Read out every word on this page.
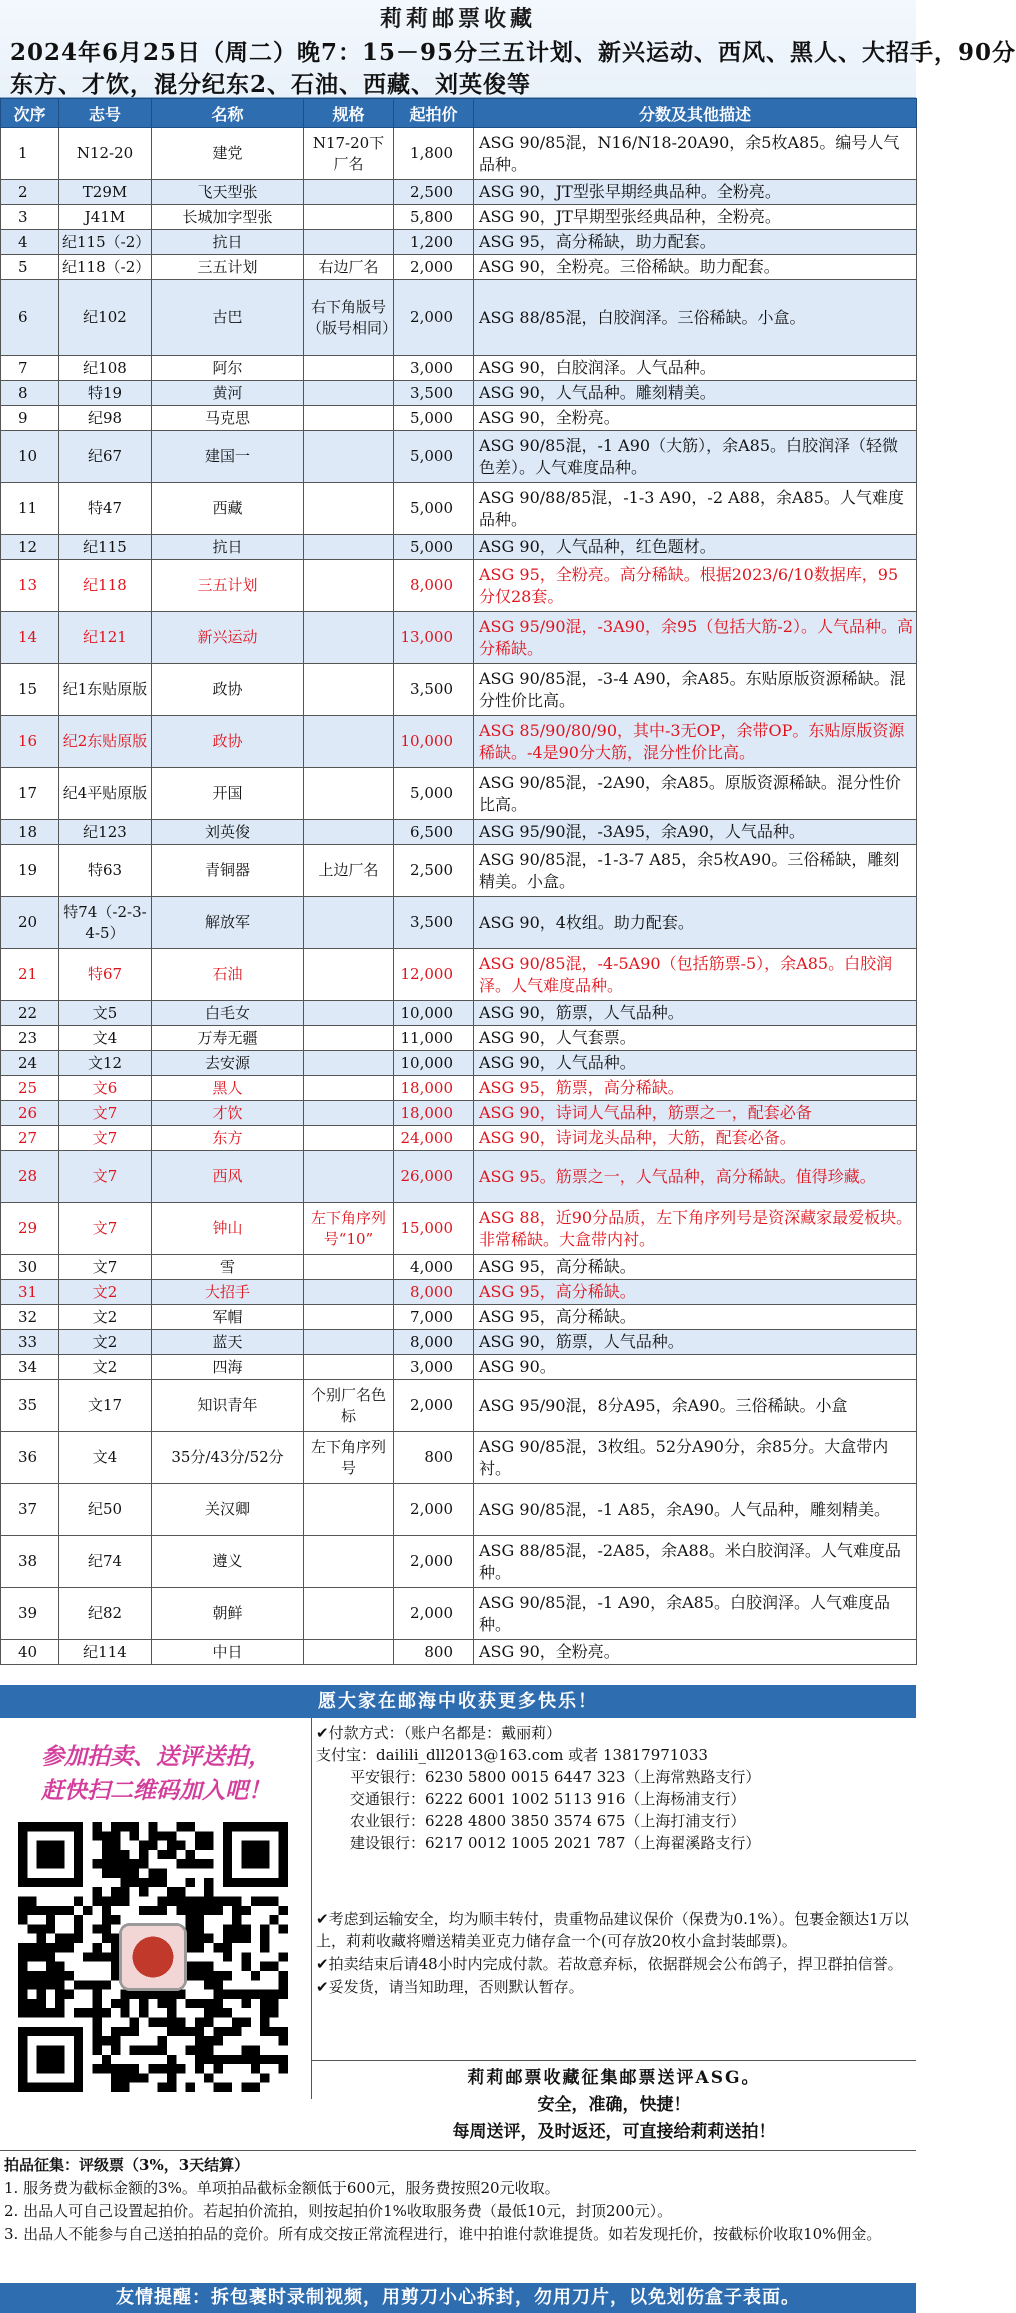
莉莉邮票收藏
2024年6月25日（周二）晚7：15－95分三五计划、新兴运动、西风、黑人、大招手，90分
东方、才饮，混分纪东2、石油、西藏、刘英俊等
次序	志号	名称	规格	起拍价	分数及其他描述
1	N12-20	建党	N17-20下厂名	1,800	ASG 90/85混，N16/N18-20A90，余5枚A85。编号人气品种。
2	T29M	飞天型张		2,500	ASG 90，JT型张早期经典品种。全粉亮。
3	J41M	长城加字型张		5,800	ASG 90，JT早期型张经典品种，全粉亮。
4	纪115（-2）	抗日		1,200	ASG 95，高分稀缺，助力配套。
5	纪118（-2）	三五计划	右边厂名	2,000	ASG 90，全粉亮。三俗稀缺。助力配套。
6	纪102	古巴	右下角版号（版号相同）	2,000	ASG 88/85混，白胶润泽。三俗稀缺。小盒。
7	纪108	阿尔		3,000	ASG 90，白胶润泽。人气品种。
8	特19	黄河		3,500	ASG 90，人气品种。雕刻精美。
9	纪98	马克思		5,000	ASG 90，全粉亮。
10	纪67	建国一		5,000	ASG 90/85混，-1 A90（大筋），余A85。白胶润泽（轻微色差）。人气难度品种。
11	特47	西藏		5,000	ASG 90/88/85混，-1-3 A90，-2 A88，余A85。人气难度品种。
12	纪115	抗日		5,000	ASG 90，人气品种，红色题材。
13	纪118	三五计划		8,000	ASG 95，全粉亮。高分稀缺。根据2023/6/10数据库，95分仅28套。
14	纪121	新兴运动		13,000	ASG 95/90混，-3A90，余95（包括大筋-2）。人气品种。高分稀缺。
15	纪1东贴原版	政协		3,500	ASG 90/85混，-3-4 A90，余A85。东贴原版资源稀缺。混分性价比高。
16	纪2东贴原版	政协		10,000	ASG 85/90/80/90，其中-3无OP，余带OP。东贴原版资源稀缺。-4是90分大筋，混分性价比高。
17	纪4平贴原版	开国		5,000	ASG 90/85混，-2A90，余A85。原版资源稀缺。混分性价比高。
18	纪123	刘英俊		6,500	ASG 95/90混，-3A95，余A90，人气品种。
19	特63	青铜器	上边厂名	2,500	ASG 90/85混，-1-3-7 A85，余5枚A90。三俗稀缺，雕刻精美。小盒。
20	特74（-2-3-4-5）	解放军		3,500	ASG 90，4枚组。助力配套。
21	特67	石油		12,000	ASG 90/85混，-4-5A90（包括筋票-5），余A85。白胶润泽。人气难度品种。
22	文5	白毛女		10,000	ASG 90，筋票，人气品种。
23	文4	万寿无疆		11,000	ASG 90，人气套票。
24	文12	去安源		10,000	ASG 90，人气品种。
25	文6	黑人		18,000	ASG 95，筋票，高分稀缺。
26	文7	才饮		18,000	ASG 90，诗词人气品种，筋票之一，配套必备
27	文7	东方		24,000	ASG 90，诗词龙头品种，大筋，配套必备。
28	文7	西风		26,000	ASG 95。筋票之一，人气品种，高分稀缺。值得珍藏。
29	文7	钟山	左下角序列号“10”	15,000	ASG 88，近90分品质，左下角序列号是资深藏家最爱板块。非常稀缺。大盒带内衬。
30	文7	雪		4,000	ASG 95，高分稀缺。
31	文2	大招手		8,000	ASG 95，高分稀缺。
32	文2	军帽		7,000	ASG 95，高分稀缺。
33	文2	蓝天		8,000	ASG 90，筋票，人气品种。
34	文2	四海		3,000	ASG 90。
35	文17	知识青年	个别厂名色标	2,000	ASG 95/90混，8分A95，余A90。三俗稀缺。小盒
36	文4	35分/43分/52分	左下角序列号	800	ASG 90/85混，3枚组。52分A90分，余85分。大盒带内衬。
37	纪50	关汉卿		2,000	ASG 90/85混，-1 A85，余A90。人气品种，雕刻精美。
38	纪74	遵义		2,000	ASG 88/85混，-2A85，余A88。米白胶润泽。人气难度品种。
39	纪82	朝鲜		2,000	ASG 90/85混，-1 A90，余A85。白胶润泽。人气难度品种。
40	纪114	中日		800	ASG 90，全粉亮。
愿大家在邮海中收获更多快乐！
参加拍卖、送评送拍，
赶快扫二维码加入吧！
✔付款方式：（账户名都是：戴丽莉）
支付宝：dailili_dll2013@163.com 或者 13817971033
平安银行：6230 5800 0015 6447 323（上海常熟路支行）
交通银行：6222 6001 1002 5113 916（上海杨浦支行）
农业银行：6228 4800 3850 3574 675（上海打浦支行）
建设银行：6217 0012 1005 2021 787（上海翟溪路支行）

✔考虑到运输安全，均为顺丰转付，贵重物品建议保价（保费为0.1%）。包裹金额达1万以上，莉莉收藏将赠送精美亚克力储存盒一个(可存放20枚小盒封装邮票)。

✔拍卖结束后请48小时内完成付款。若故意弃标，依据群规会公布鸽子，捍卫群拍信誉。

✔妥发货，请当知助理，否则默认暂存。

莉莉邮票收藏征集邮票送评ASG。
安全，准确，快捷！
每周送评，及时返还，可直接给莉莉送拍！
拍品征集：评级票（3%，3天结算）
1. 服务费为截标金额的3%。单项拍品截标金额低于600元，服务费按照20元收取。
2. 出品人可自己设置起拍价。若起拍价流拍，则按起拍价1%收取服务费（最低10元，封顶200元）。
3. 出品人不能参与自己送拍拍品的竞价。所有成交按正常流程进行，谁中拍谁付款谁提货。如若发现托价，按截标价收取10%佣金。
友情提醒：拆包裹时录制视频，用剪刀小心拆封，勿用刀片，以免划伤盒子表面。
